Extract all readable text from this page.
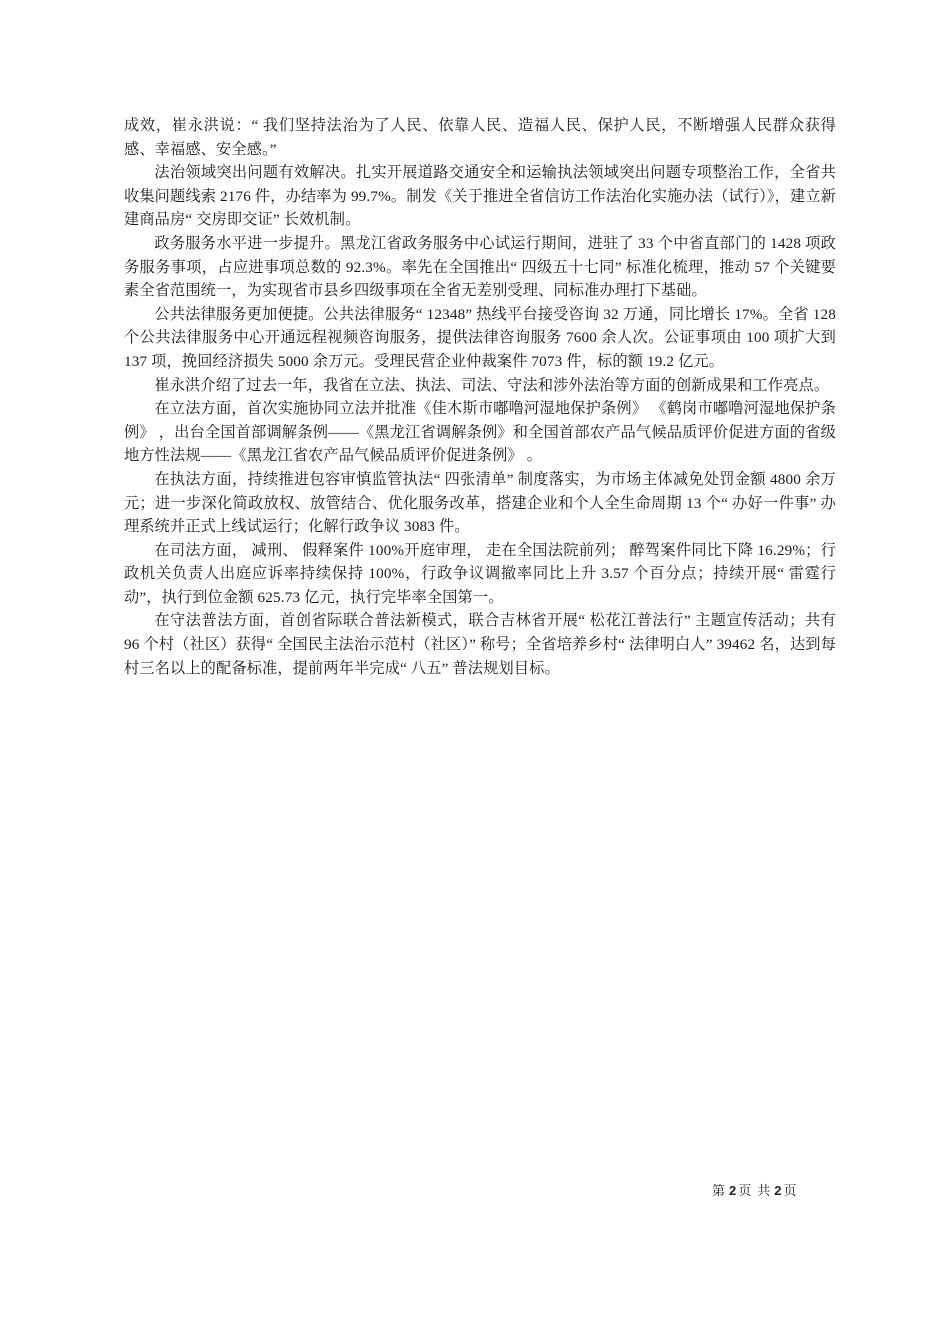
成效，崔永洪说：“ 我们坚持法治为了人民、依靠人民、造福人民、保护人民，不断增强人民群众获得感、幸福感、安全感。”

法治领域突出问题有效解决。扎实开展道路交通安全和运输执法领域突出问题专项整治工作，全省共收集问题线索 2176 件，办结率为 99.7%。制发《关于推进全省信访工作法治化实施办法（试行）》，建立新建商品房“ 交房即交证” 长效机制。

政务服务水平进一步提升。黑龙江省政务服务中心试运行期间，进驻了 33 个中省直部门的 1428 项政务服务事项，占应进事项总数的 92.3%。率先在全国推出“ 四级五十七同” 标准化梳理，推动 57 个关键要素全省范围统一，为实现省市县乡四级事项在全省无差别受理、同标准办理打下基础。

公共法律服务更加便捷。公共法律服务“ 12348” 热线平台接受咨询 32 万通，同比增长 17%。全省 128 个公共法律服务中心开通远程视频咨询服务，提供法律咨询服务 7600 余人次。公证事项由 100 项扩大到 137 项，挽回经济损失 5000 余万元。受理民营企业仲裁案件 7073 件，标的额 19.2 亿元。

崔永洪介绍了过去一年，我省在立法、执法、司法、守法和涉外法治等方面的创新成果和工作亮点。

在立法方面，首次实施协同立法并批准《佳木斯市嘟噜河湿地保护条例》 《鹤岗市嘟噜河湿地保护条例》 ，出台全国首部调解条例——《黑龙江省调解条例》和全国首部农产品气候品质评价促进方面的省级地方性法规——《黑龙江省农产品气候品质评价促进条例》 。

在执法方面，持续推进包容审慎监管执法“ 四张清单” 制度落实，为市场主体减免处罚金额 4800 余万元；进一步深化简政放权、放管结合、优化服务改革，搭建企业和个人全生命周期 13 个“ 办好一件事” 办理系统并正式上线试运行；化解行政争议 3083 件。

在司法方面， 减刑、 假释案件 100%开庭审理， 走在全国法院前列； 醉驾案件同比下降 16.29%；行政机关负责人出庭应诉率持续保持 100%，行政争议调撤率同比上升 3.57 个百分点；持续开展“ 雷霆行动”，执行到位金额 625.73 亿元，执行完毕率全国第一。

在守法普法方面，首创省际联合普法新模式，联合吉林省开展“ 松花江普法行” 主题宣传活动；共有 96 个村（社区）获得“ 全国民主法治示范村（社区）” 称号；全省培养乡村“ 法律明白人” 39462 名，达到每村三名以上的配备标准，提前两年半完成“ 八五” 普法规划目标。

第 2 页 共 2 页
